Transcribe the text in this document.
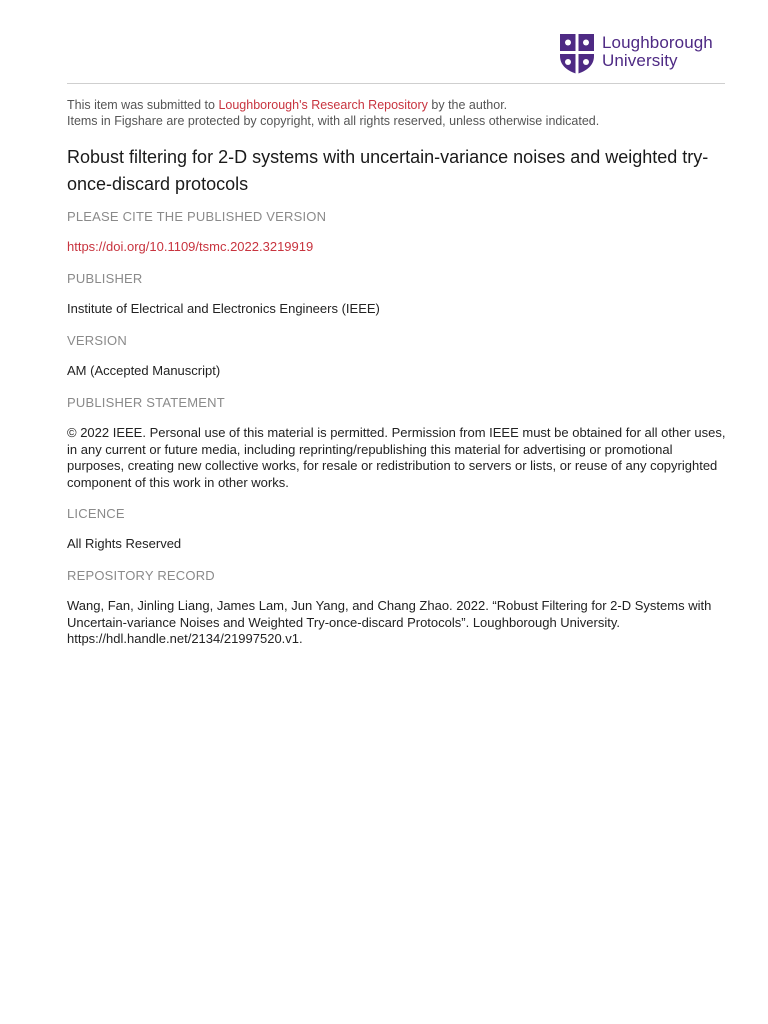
Loughborough
University
This item was submitted to Loughborough's Research Repository by the author.
Items in Figshare are protected by copyright, with all rights reserved, unless otherwise indicated.
Robust filtering for 2-D systems with uncertain-variance noises and weighted try-once-discard protocols
PLEASE CITE THE PUBLISHED VERSION
https://doi.org/10.1109/tsmc.2022.3219919
PUBLISHER
Institute of Electrical and Electronics Engineers (IEEE)
VERSION
AM (Accepted Manuscript)
PUBLISHER STATEMENT
© 2022 IEEE. Personal use of this material is permitted. Permission from IEEE must be obtained for all other uses, in any current or future media, including reprinting/republishing this material for advertising or promotional purposes, creating new collective works, for resale or redistribution to servers or lists, or reuse of any copyrighted component of this work in other works.
LICENCE
All Rights Reserved
REPOSITORY RECORD
Wang, Fan, Jinling Liang, James Lam, Jun Yang, and Chang Zhao. 2022. “Robust Filtering for 2-D Systems with Uncertain-variance Noises and Weighted Try-once-discard Protocols”. Loughborough University. https://hdl.handle.net/2134/21997520.v1.
